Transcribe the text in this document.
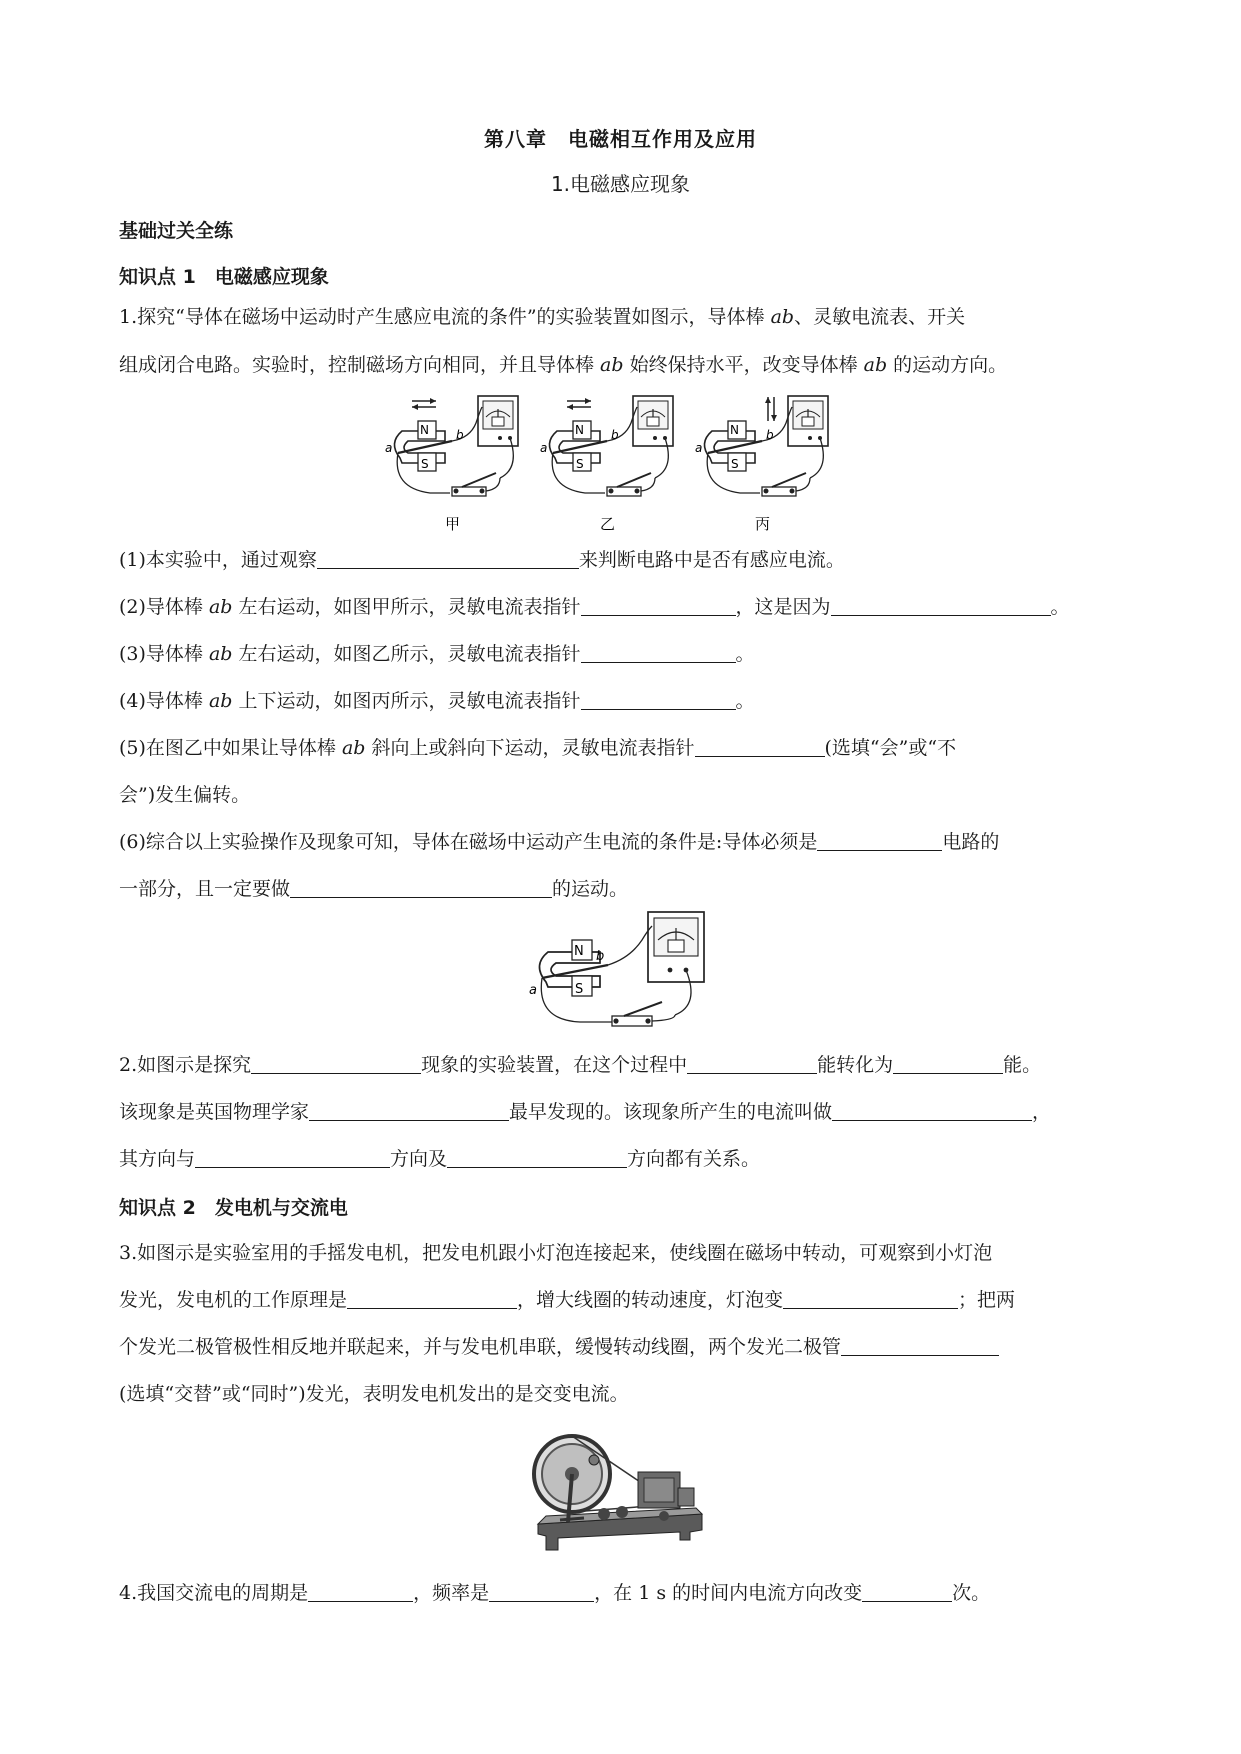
第八章　电磁相互作用及应用
1.电磁感应现象
基础过关全练
知识点 1　电磁感应现象
1.探究“导体在磁场中运动时产生感应电流的条件”的实验装置如图示，导体棒 ab、灵敏电流表、开关
组成闭合电路。实验时，控制磁场方向相同，并且导体棒 ab 始终保持水平，改变导体棒 ab 的运动方向。
a
b
N
S
甲
a
b
N
S
乙
a
b
N
S
丙
(1)本实验中，通过观察	来判断电路中是否有感应电流。
(2)导体棒 ab 左右运动，如图甲所示，灵敏电流表指针	，这是因为	。
(3)导体棒 ab 左右运动，如图乙所示，灵敏电流表指针	。
(4)导体棒 ab 上下运动，如图丙所示，灵敏电流表指针	。
(5)在图乙中如果让导体棒 ab 斜向上或斜向下运动，灵敏电流表指针	(选填“会”或“不
会”)发生偏转。
(6)综合以上实验操作及现象可知，导体在磁场中运动产生电流的条件是:导体必须是	电路的
一部分，且一定要做	的运动。
N
S
a
b
2.如图示是探究	现象的实验装置，在这个过程中	能转化为	能。
该现象是英国物理学家	最早发现的。该现象所产生的电流叫做	，
其方向与	方向及	方向都有关系。
知识点 2　发电机与交流电
3.如图示是实验室用的手摇发电机，把发电机跟小灯泡连接起来，使线圈在磁场中转动，可观察到小灯泡
发光，发电机的工作原理是	，增大线圈的转动速度，灯泡变	；把两
个发光二极管极性相反地并联起来，并与发电机串联，缓慢转动线圈，两个发光二极管
(选填“交替”或“同时”)发光，表明发电机发出的是交变电流。
4.我国交流电的周期是	，频率是	，在 1 s 的时间内电流方向改变	次。
